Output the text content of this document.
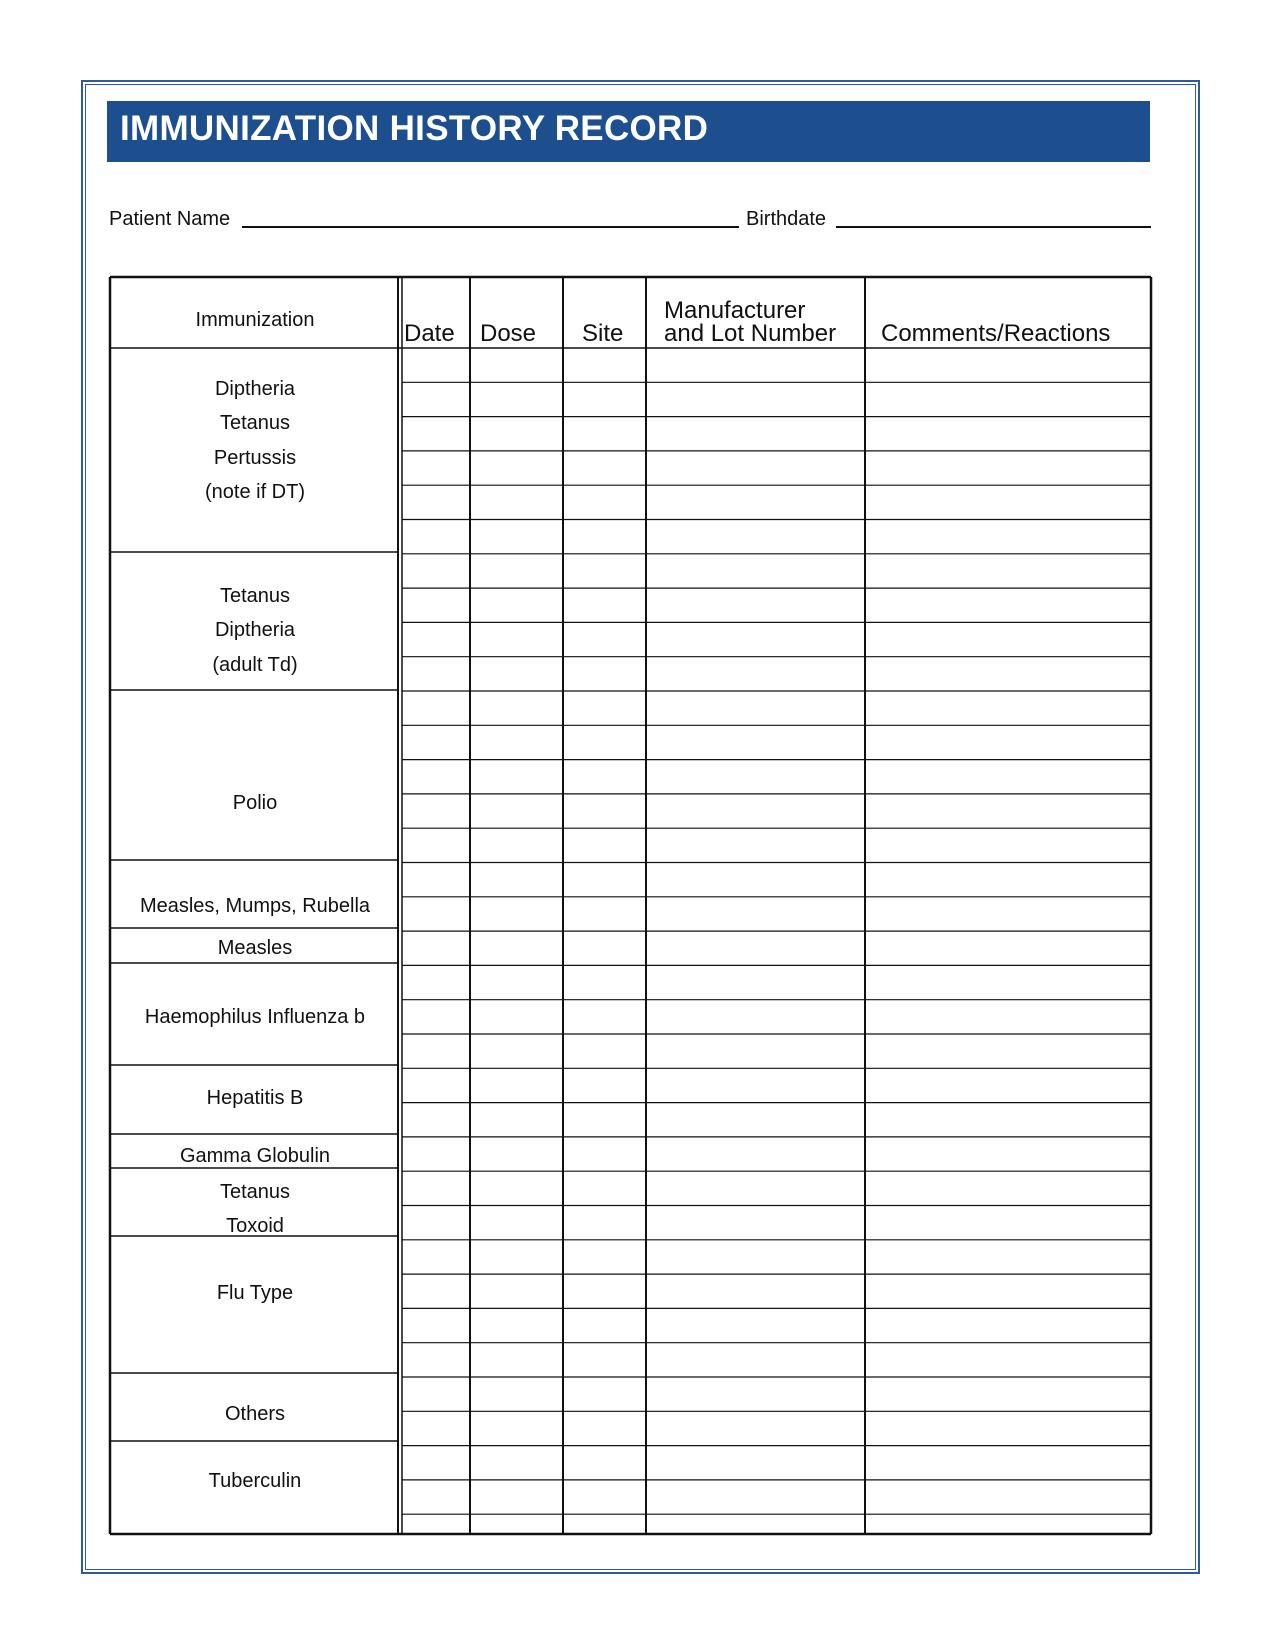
IMMUNIZATION HISTORY RECORD
Patient Name	Birthdate
Immunization	Date Dose Site
Manufacturer
and Lot Number Comments/Reactions
Diptheria
Tetanus
Pertussis
(note if DT)
Tetanus
Diptheria
(adult Td)
Polio
Measles, Mumps, Rubella
Measles
Haemophilus Influenza b
Hepatitis B
Gamma Globulin
Tetanus
Toxoid
Flu Type
Others
Tuberculin
